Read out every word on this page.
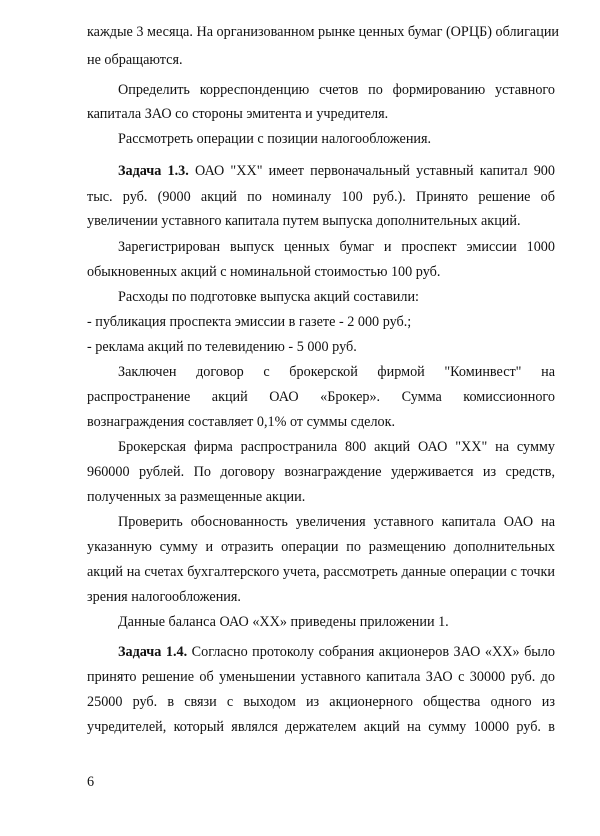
каждые 3 месяца. На организованном рынке ценных бумаг (ОРЦБ) облигации
не обращаются.
Определить корреспонденцию счетов по формированию уставного
капитала ЗАО со стороны эмитента и учредителя.
Рассмотреть операции с позиции налогообложения.
Задача 1.3. ОАО "ХХ" имеет первоначальный уставный капитал 900
тыс. руб. (9000 акций по номиналу 100 руб.). Принято решение об
увеличении уставного капитала путем выпуска дополнительных акций.
Зарегистрирован выпуск ценных бумаг и проспект эмиссии 1000
обыкновенных акций с номинальной стоимостью 100 руб.
Расходы по подготовке выпуска акций составили:
- публикация проспекта эмиссии в газете - 2 000 руб.;
- реклама акций по телевидению - 5 000 руб.
Заключен договор с брокерской фирмой "Коминвест" на
распространение акций ОАО «Брокер». Сумма комиссионного
вознаграждения составляет 0,1% от суммы сделок.
Брокерская фирма распространила 800 акций ОАО "ХХ" на сумму
960000 рублей. По договору вознаграждение удерживается из средств,
полученных за размещенные акции.
Проверить обоснованность увеличения уставного капитала ОАО на
указанную сумму и отразить операции по размещению дополнительных
акций на счетах бухгалтерского учета, рассмотреть данные операции с точки
зрения налогообложения.
Данные баланса ОАО «ХХ» приведены приложении 1.
Задача 1.4. Согласно протоколу собрания акционеров ЗАО «ХХ» было
принято решение об уменьшении уставного капитала ЗАО с 30000 руб. до
25000 руб. в связи с выходом из акционерного общества одного из
учредителей, который являлся держателем акций на сумму 10000 руб. в
6
